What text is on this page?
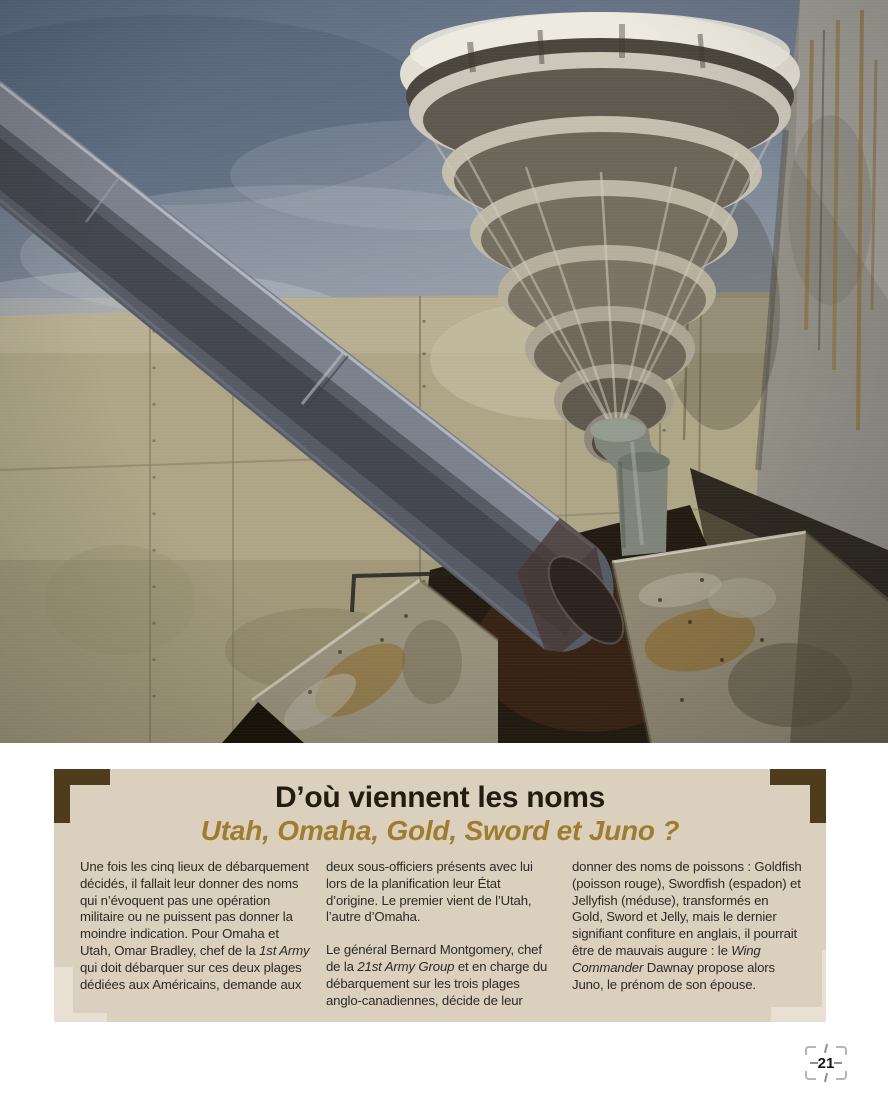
D’où viennent les noms
Utah, Omaha, Gold, Sword et Juno ?

Une fois les cinq lieux de débarquement décidés, il fallait leur donner des noms qui n’évoquent pas une opération militaire ou ne puissent pas donner la moindre indication. Pour Omaha et Utah, Omar Bradley, chef de la 1st Army qui doit débarquer sur ces deux plages dédiées aux Américains, demande aux

deux sous-officiers présents avec lui lors de la planification leur État d’origine. Le premier vient de l’Utah, l’autre d’Omaha.

Le général Bernard Montgomery, chef de la 21st Army Group et en charge du débarquement sur les trois plages anglo-canadiennes, décide de leur

donner des noms de poissons : Goldfish (poisson rouge), Swordfish (espadon) et Jellyfish (méduse), transformés en Gold, Sword et Jelly, mais le dernier signifiant confiture en anglais, il pourrait être de mauvais augure : le Wing Commander Dawnay propose alors Juno, le prénom de son épouse.

21
